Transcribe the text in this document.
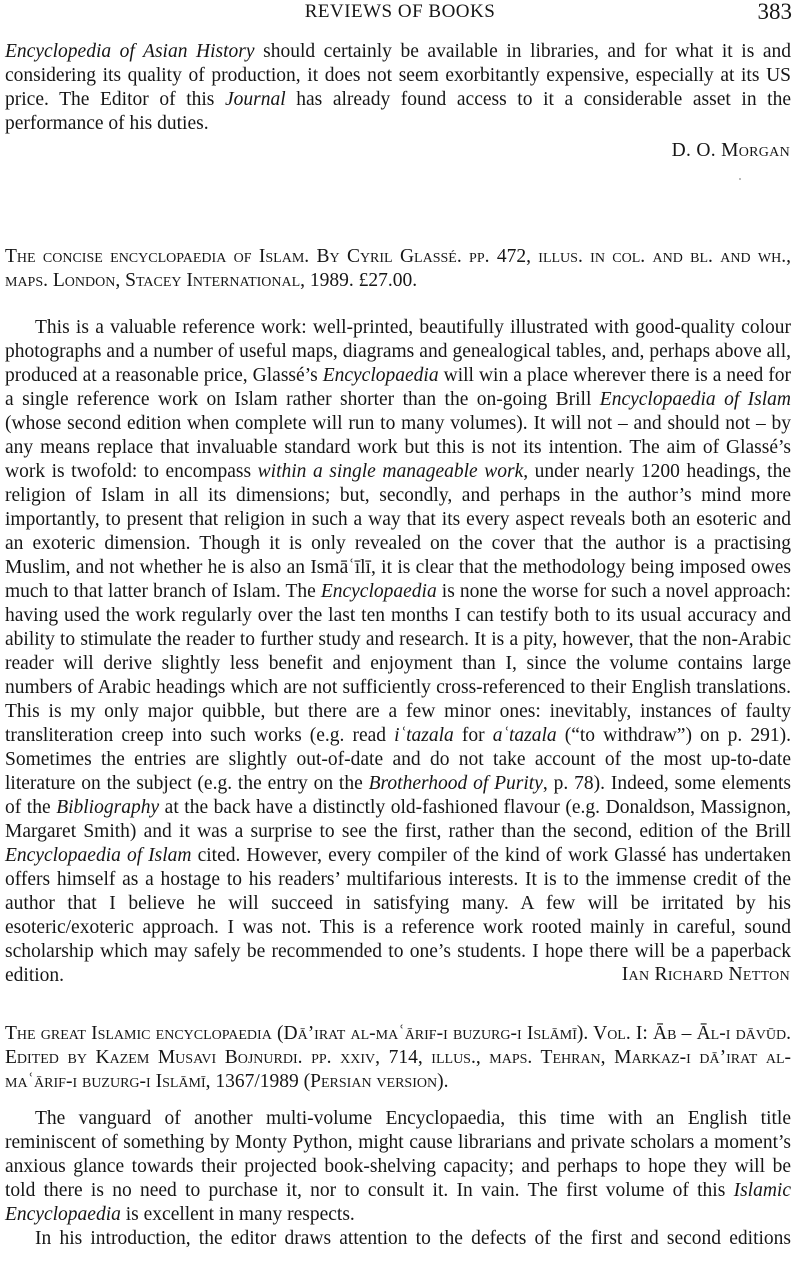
REVIEWS OF BOOKS	383
Encyclopedia of Asian History should certainly be available in libraries, and for what it is and considering its quality of production, it does not seem exorbitantly expensive, especially at its US price. The Editor of this Journal has already found access to it a considerable asset in the performance of his duties.
D. O. Morgan
The concise encyclopaedia of Islam. By Cyril Glassé. pp. 472, illus. in col. and bl. and wh., maps. London, Stacey International, 1989. £27.00.
This is a valuable reference work: well-printed, beautifully illustrated with good-quality colour photographs and a number of useful maps, diagrams and genealogical tables, and, perhaps above all, produced at a reasonable price, Glassé’s Encyclopaedia will win a place wherever there is a need for a single reference work on Islam rather shorter than the on-going Brill Encyclopaedia of Islam (whose second edition when complete will run to many volumes). It will not – and should not – by any means replace that invaluable standard work but this is not its intention. The aim of Glassé’s work is twofold: to encompass within a single manageable work, under nearly 1200 headings, the religion of Islam in all its dimensions; but, secondly, and perhaps in the author’s mind more importantly, to present that religion in such a way that its every aspect reveals both an esoteric and an exoteric dimension. Though it is only revealed on the cover that the author is a practising Muslim, and not whether he is also an Ismāʿīlī, it is clear that the methodology being imposed owes much to that latter branch of Islam. The Encyclopaedia is none the worse for such a novel approach: having used the work regularly over the last ten months I can testify both to its usual accuracy and ability to stimulate the reader to further study and research. It is a pity, however, that the non-Arabic reader will derive slightly less benefit and enjoyment than I, since the volume contains large numbers of Arabic headings which are not sufficiently cross-referenced to their English translations. This is my only major quibble, but there are a few minor ones: inevitably, instances of faulty transliteration creep into such works (e.g. read iʿtazala for aʿtazala (“to withdraw”) on p. 291). Sometimes the entries are slightly out-of-date and do not take account of the most up-to-date literature on the subject (e.g. the entry on the Brotherhood of Purity, p. 78). Indeed, some elements of the Bibliography at the back have a distinctly old-fashioned flavour (e.g. Donaldson, Massignon, Margaret Smith) and it was a surprise to see the first, rather than the second, edition of the Brill Encyclopaedia of Islam cited. However, every compiler of the kind of work Glassé has undertaken offers himself as a hostage to his readers’ multifarious interests. It is to the immense credit of the author that I believe he will succeed in satisfying many. A few will be irritated by his esoteric/exoteric approach. I was not. This is a reference work rooted mainly in careful, sound scholarship which may safely be recommended to one’s students. I hope there will be a paperback edition.	Ian Richard Netton
The great Islamic encyclopaedia (Dā’irat al-maʿārif-i buzurg-i Islāmī). Vol. I: Āb – Āl-i dāvūd. Edited by Kazem Musavi Bojnurdi. pp. xxiv, 714, illus., maps. Tehran, Markaz-i dā’irat al-maʿārif-i buzurg-i Islāmī, 1367/1989 (Persian version).
The vanguard of another multi-volume Encyclopaedia, this time with an English title reminiscent of something by Monty Python, might cause librarians and private scholars a moment’s anxious glance towards their projected book-shelving capacity; and perhaps to hope they will be told there is no need to purchase it, nor to consult it. In vain. The first volume of this Islamic Encyclopaedia is excellent in many respects.
In his introduction, the editor draws attention to the defects of the first and second editions
